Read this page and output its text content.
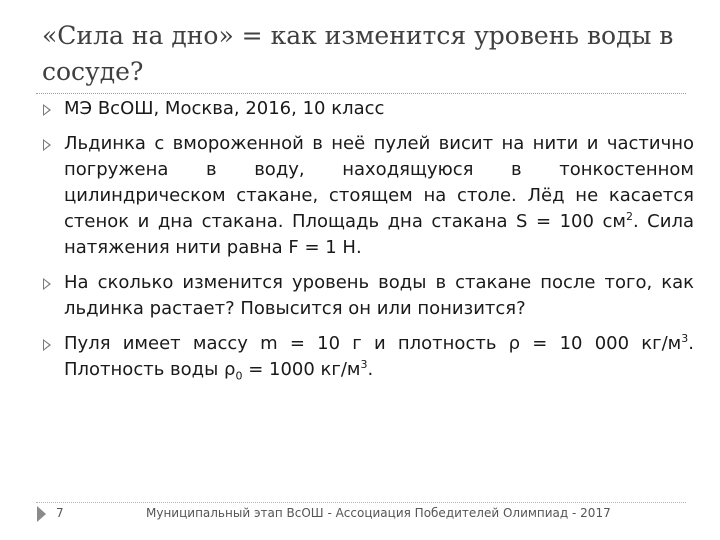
«Сила на дно» = как изменится уровень воды в сосуде?
МЭ ВсОШ, Москва, 2016, 10 класс
Льдинка с вмороженной в неё пулей висит на нити и частично погружена в воду, находящуюся в тонкостенном цилиндрическом стакане, стоящем на столе. Лёд не касается стенок и дна стакана. Площадь дна стакана S = 100 $см^2$. Сила натяжения нити равна F = 1 Н.
На сколько изменится уровень воды в стакане после того, как льдинка растает? Повысится он или понизится?
Пуля имеет массу m = 10 г и плотность ρ = 10 000 $кг/м^3$. Плотность воды $\rho_0 = 1000$ $кг/м^3$.
7	Муниципальный этап ВсОШ - Ассоциация Победителей Олимпиад - 2017
